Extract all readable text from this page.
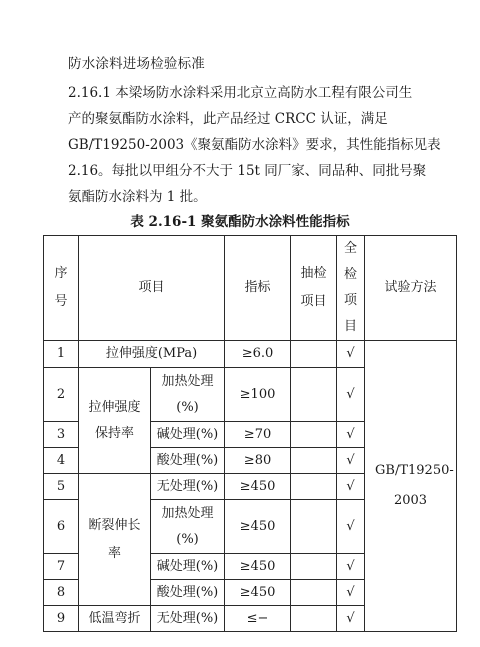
防水涂料进场检验标准

2.16.1 本梁场防水涂料采用北京立高防水工程有限公司生
产的聚氨酯防水涂料，此产品经过 CRCC 认证，满足
GB/T19250-2003《聚氨酯防水涂料》要求，其性能指标见表
2.16。每批以甲组分不大于 15t 同厂家、同品种、同批号聚
氨酯防水涂料为 1 批。

表 2.16-1 聚氨酯防水涂料性能指标
序号	项目		指标	抽检项目	全检项目	试验方法
1	拉伸强度(MPa)		≥6.0		√	GB/T19250-2003
2	拉伸强度保持率	加热处理(%)	≥100		√	
3		碱处理(%)	≥70		√	
4		酸处理(%)	≥80		√	
5	断裂伸长率	无处理(%)	≥450		√	
6		加热处理(%)	≥450		√	
7		碱处理(%)	≥450		√	
8		酸处理(%)	≥450		√	
9	低温弯折	无处理(%)	≤−		√	
